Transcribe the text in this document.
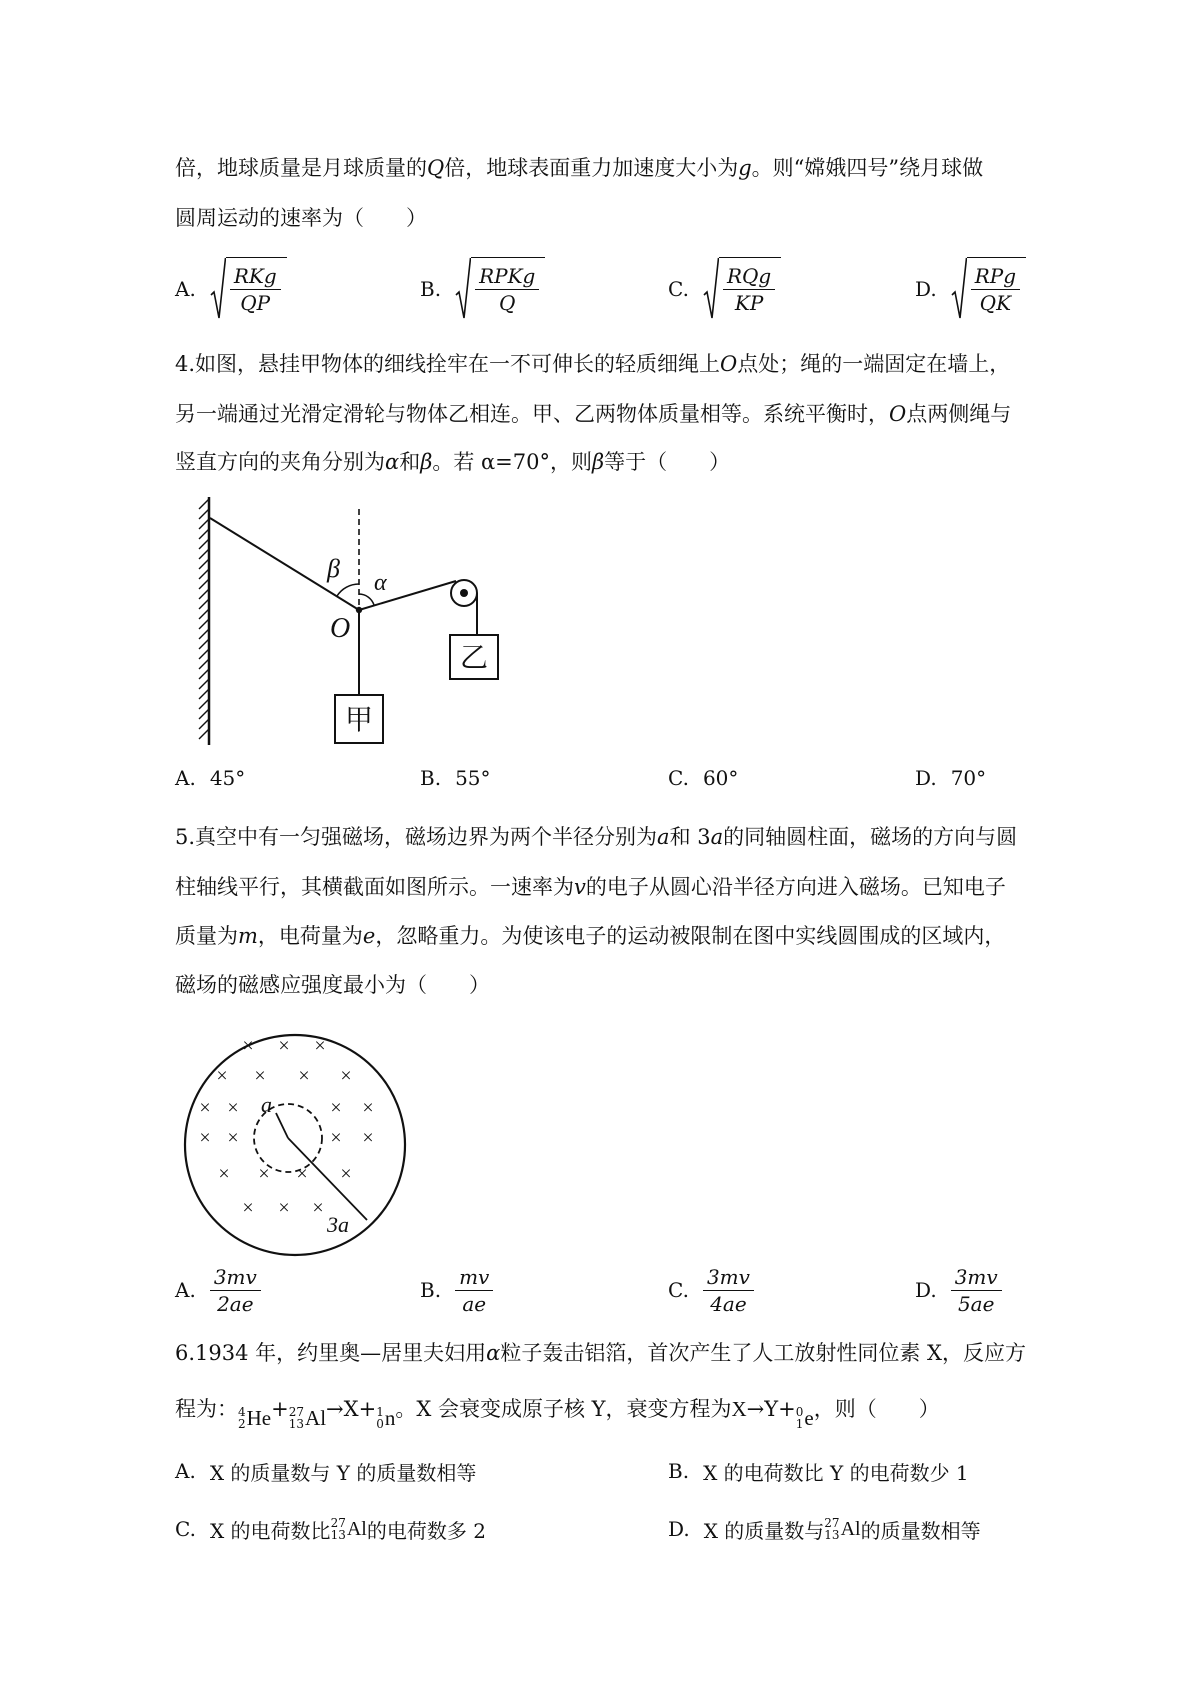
倍，地球质量是月球质量的Q倍，地球表面重力加速度大小为g。则“嫦娥四号”绕月球做
圆周运动的速率为（　　）
A. $\frac{\text{RKg}}{QP}$	B. $\frac{\text{RPKg}}{Q}$	C. $\frac{\text{RQg}}{KP}$	D. $\frac{\text{RPg}}{QK}$
4.如图，悬挂甲物体的细线拴牢在一不可伸长的轻质细绳上O点处；绳的一端固定在墙上，
另一端通过光滑定滑轮与物体乙相连。甲、乙两物体质量相等。系统平衡时，O点两侧绳与
竖直方向的夹角分别为α和β。若 α=70°，则β等于（　　）
β α
O
乙
甲
A. 45°	B. 55°	C. 60°	D. 70°
5.真空中有一匀强磁场，磁场边界为两个半径分别为a和 3a的同轴圆柱面，磁场的方向与圆
柱轴线平行，其横截面如图所示。一速率为v的电子从圆心沿半径方向进入磁场。已知电子
质量为m，电荷量为e，忽略重力。为使该电子的运动被限制在图中实线圆围成的区域内，
磁场的磁感应强度最小为（　　）
a
3a
× × ×
× × × ×
× ×	× ×
× ×	× ×
× × × ×
× × ×
A. $\frac{3mv}{2ae}$	B. $\frac{mv}{ae}$	C. $\frac{3mv}{4ae}$	D. $\frac{3mv}{5ae}$
6.1934 年，约里奥—居里夫妇用α粒子轰击铝箔，首次产生了人工放射性同位素 X，反应方
程为： 4
2 He + 27
13 Al →X+ 1
0 n 。X 会衰变成原子核 Y，衰变方程为X→Y+ 0
1 e ，则（　　）
A. X 的质量数与 Y 的质量数相等	B. X 的电荷数比 Y 的电荷数少 1
C. X 的电荷数比 27
13 Al 的电荷数多 2	D. X 的质量数与 27
13 Al 的质量数相等
